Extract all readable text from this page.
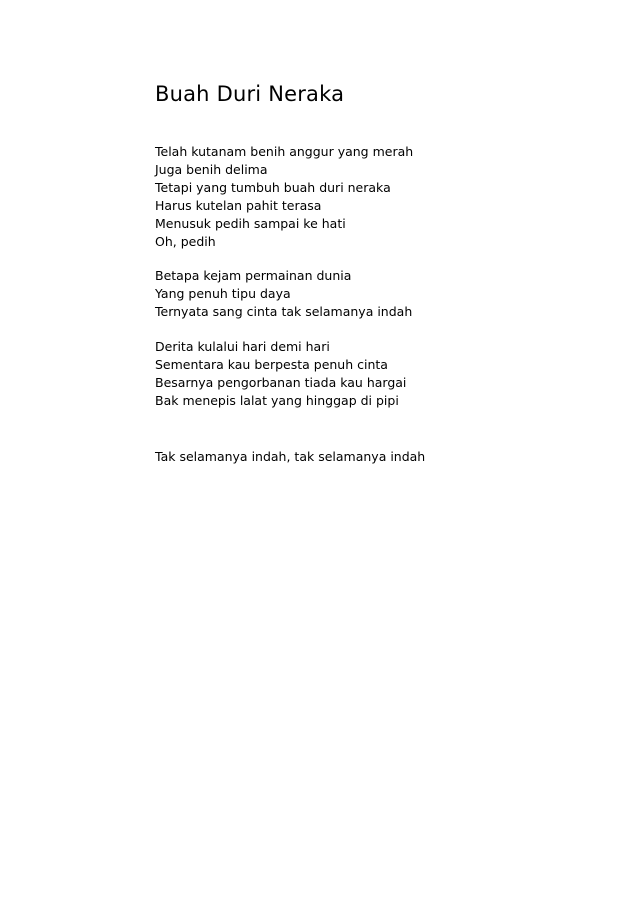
Buah Duri Neraka
Telah kutanam benih anggur yang merah
Juga benih delima
Tetapi yang tumbuh buah duri neraka
Harus kutelan pahit terasa
Menusuk pedih sampai ke hati
Oh, pedih
Betapa kejam permainan dunia
Yang penuh tipu daya
Ternyata sang cinta tak selamanya indah
Derita kulalui hari demi hari
Sementara kau berpesta penuh cinta
Besarnya pengorbanan tiada kau hargai
Bak menepis lalat yang hinggap di pipi
Tak selamanya indah, tak selamanya indah
